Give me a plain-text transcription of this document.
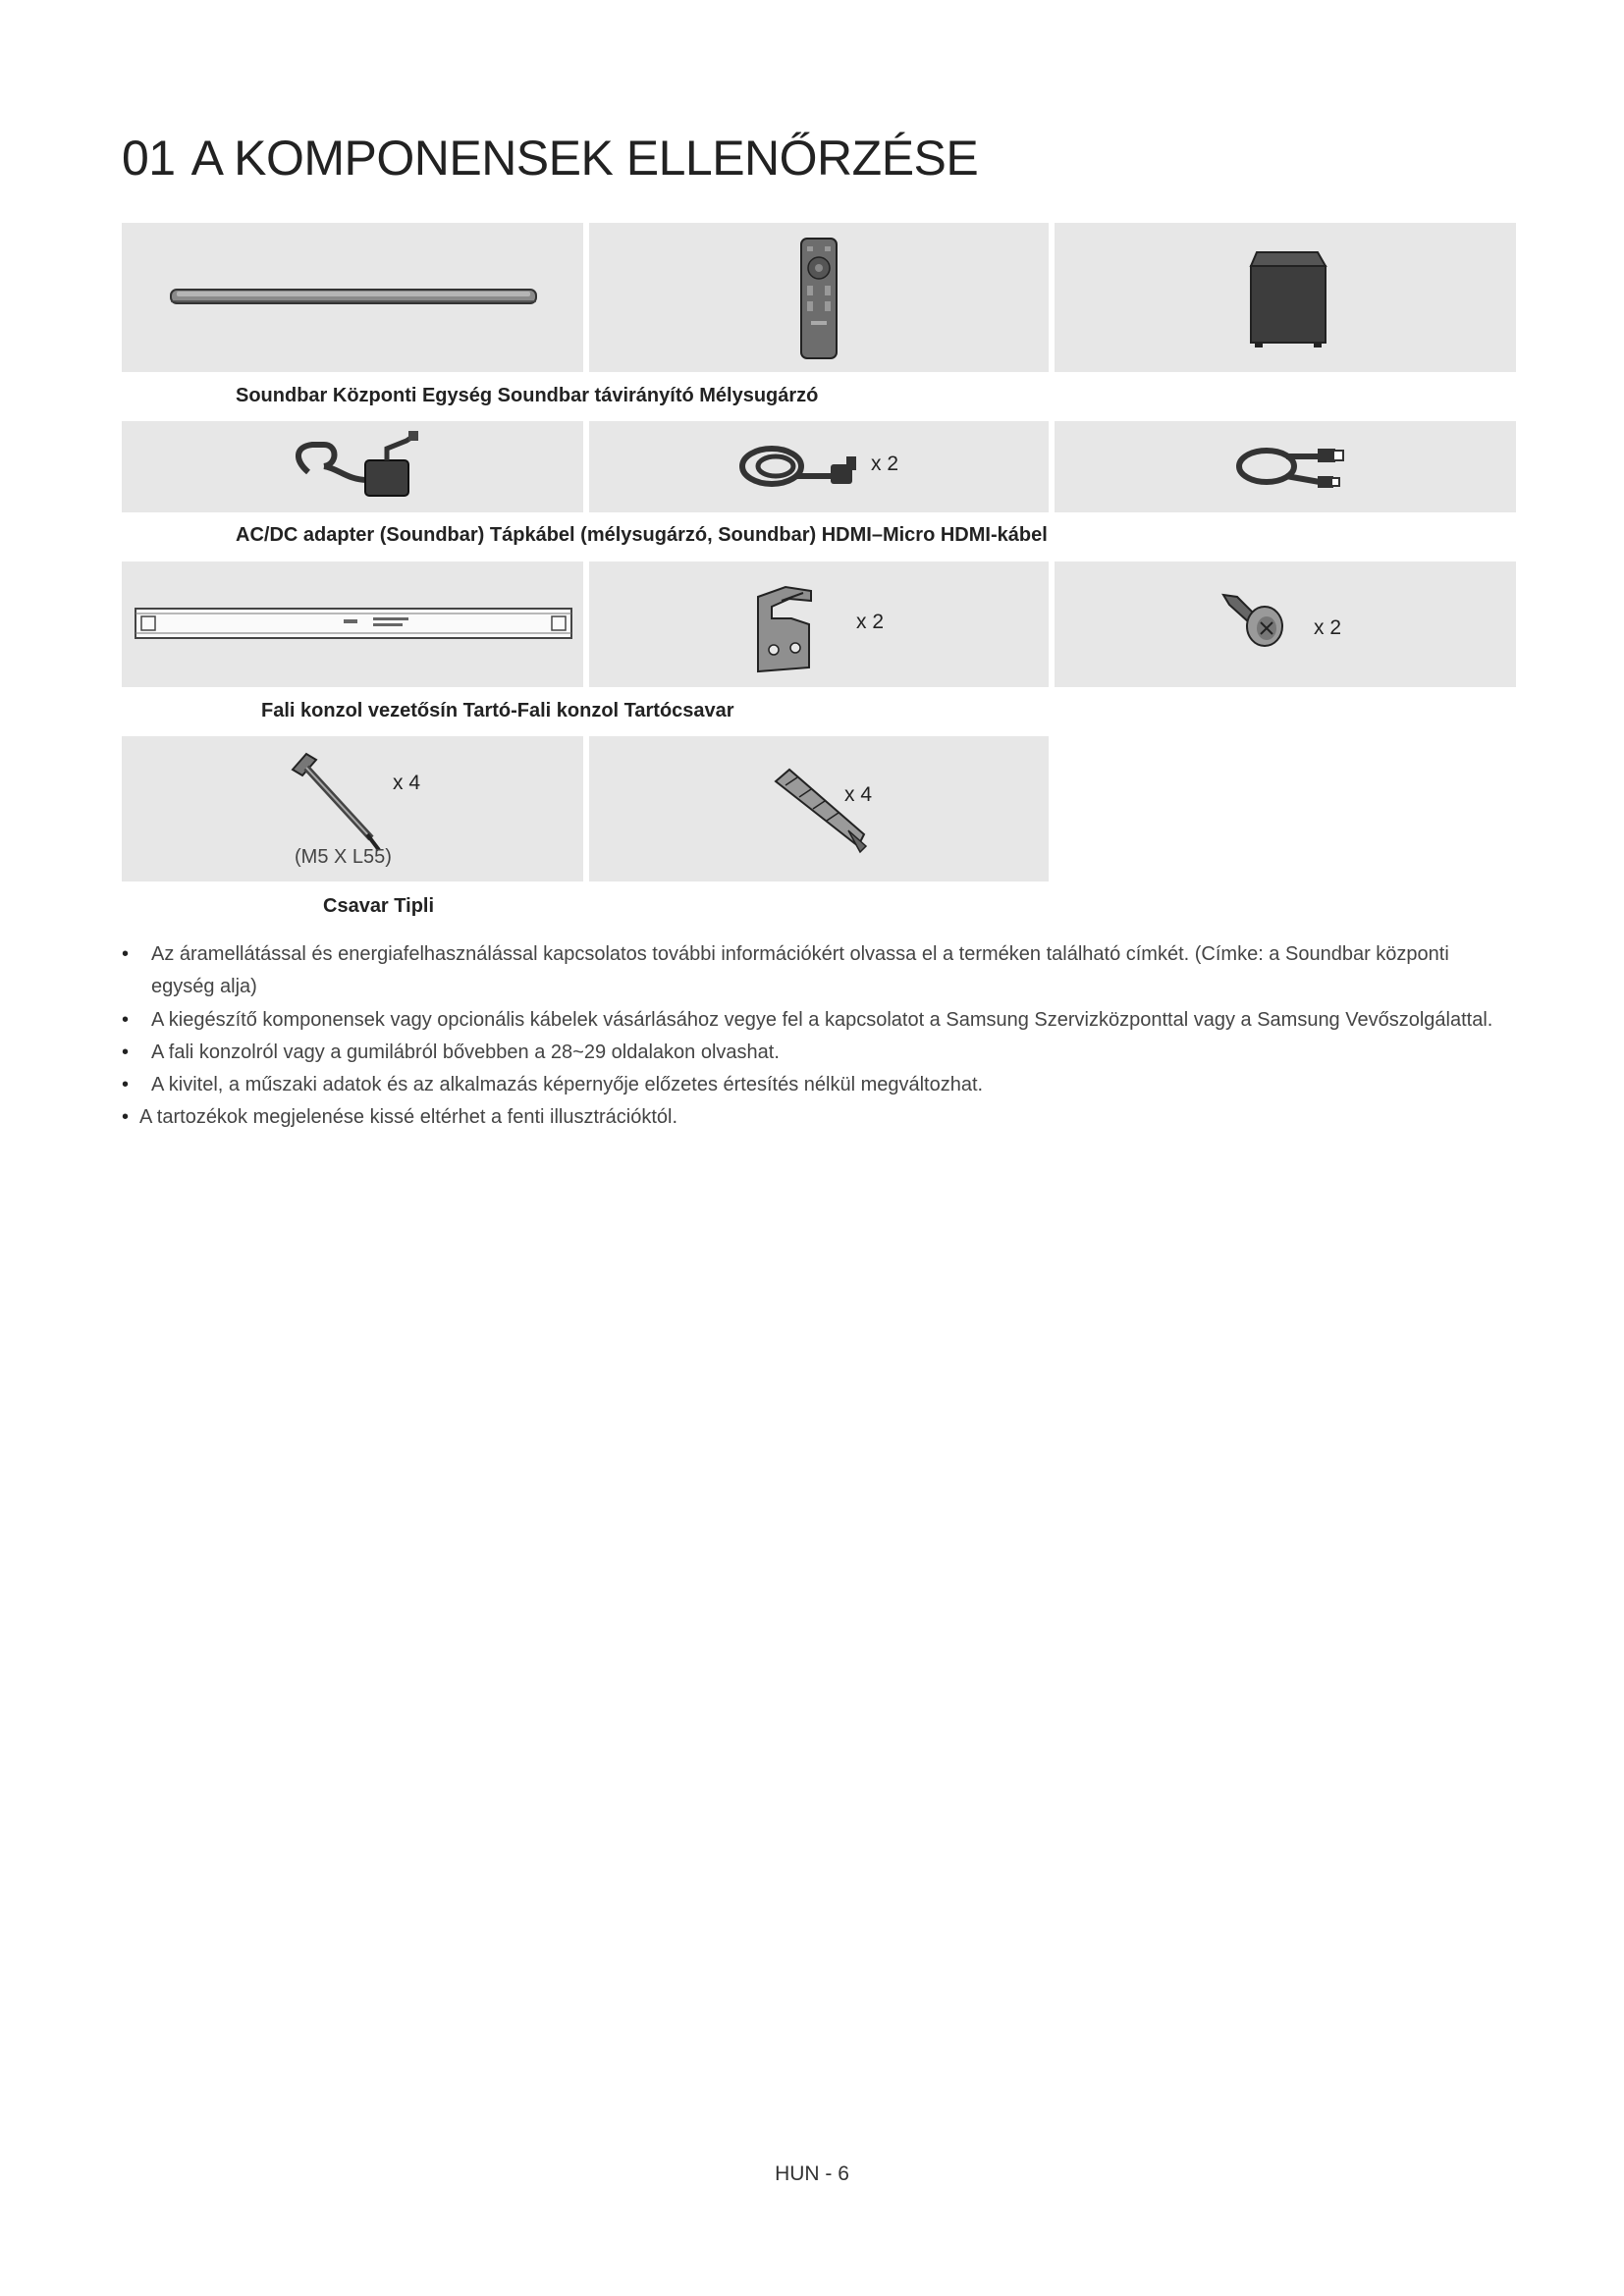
01 A KOMPONENSEK ELLENŐRZÉSE
Soundbar Központi Egység Soundbar távirányító Mélysugárzó
x 2
AC/DC adapter (Soundbar) Tápkábel (mélysugárzó, Soundbar) HDMI–Micro HDMI-kábel
x 2	x 2
Fali konzol vezetősín Tartó-Fali konzol Tartócsavar
x 4
(M5 X L55)
x 4
Csavar Tipli
• Az áramellátással és energiafelhasználással kapcsolatos további információkért olvassa el a terméken található címkét. (Címke: a Soundbar központi egység alja)
• A kiegészítő komponensek vagy opcionális kábelek vásárlásához vegye fel a kapcsolatot a Samsung Szervizközponttal vagy a Samsung Vevőszolgálattal.
• A fali konzolról vagy a gumilábról bővebben a 28~29 oldalakon olvashat.
• A kivitel, a műszaki adatok és az alkalmazás képernyője előzetes értesítés nélkül megváltozhat.
• A tartozékok megjelenése kissé eltérhet a fenti illusztrációktól.
HUN - 6
